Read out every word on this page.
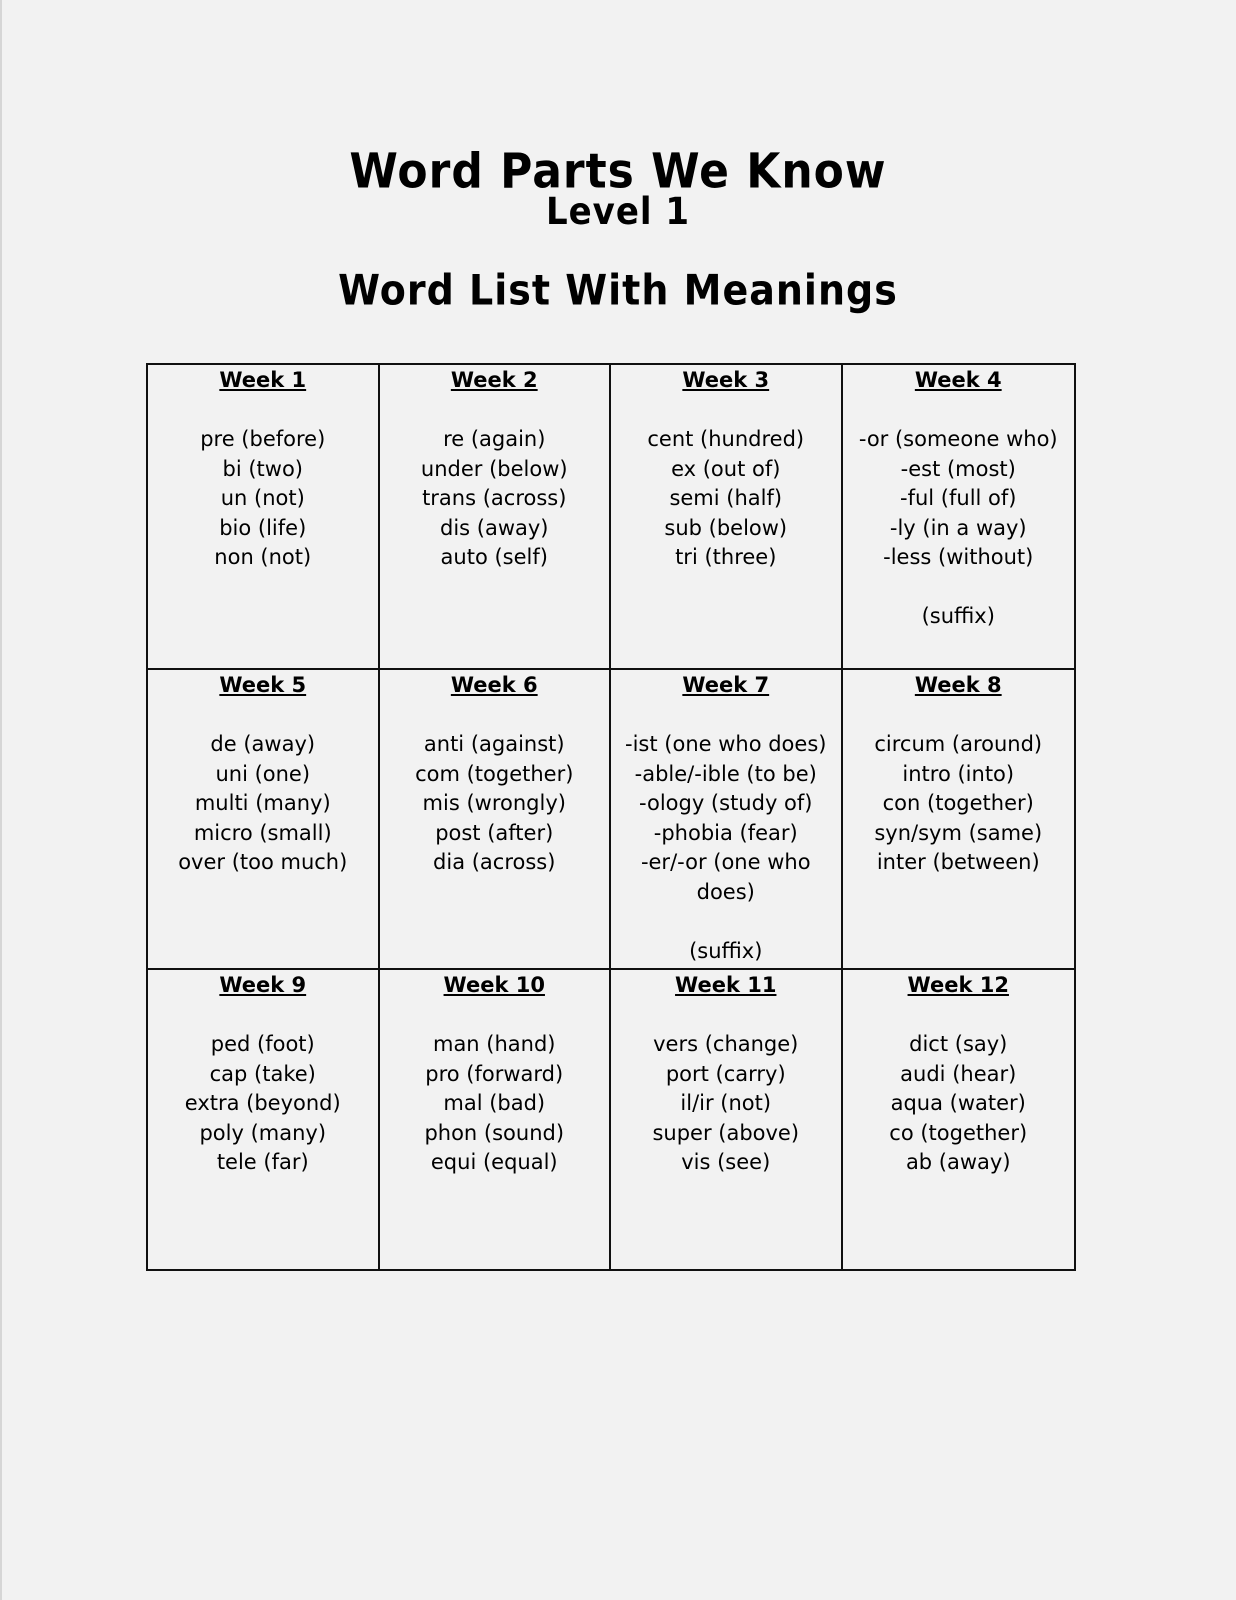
Word Parts We Know
Level 1
Word List With Meanings
Week 1
pre (before)
bi (two)
un (not)
bio (life)
non (not)
Week 2
re (again)
under (below)
trans (across)
dis (away)
auto (self)
Week 3
cent (hundred)
ex (out of)
semi (half)
sub (below)
tri (three)
Week 4
-or (someone who)
-est (most)
-ful (full of)
-ly (in a way)
-less (without)
(suffix)
Week 5
de (away)
uni (one)
multi (many)
micro (small)
over (too much)
Week 6
anti (against)
com (together)
mis (wrongly)
post (after)
dia (across)
Week 7
-ist (one who does)
-able/-ible (to be)
-ology (study of)
-phobia (fear)
-er/-or (one who does)
(suffix)
Week 8
circum (around)
intro (into)
con (together)
syn/sym (same)
inter (between)
Week 9
ped (foot)
cap (take)
extra (beyond)
poly (many)
tele (far)
Week 10
man (hand)
pro (forward)
mal (bad)
phon (sound)
equi (equal)
Week 11
vers (change)
port (carry)
il/ir (not)
super (above)
vis (see)
Week 12
dict (say)
audi (hear)
aqua (water)
co (together)
ab (away)
